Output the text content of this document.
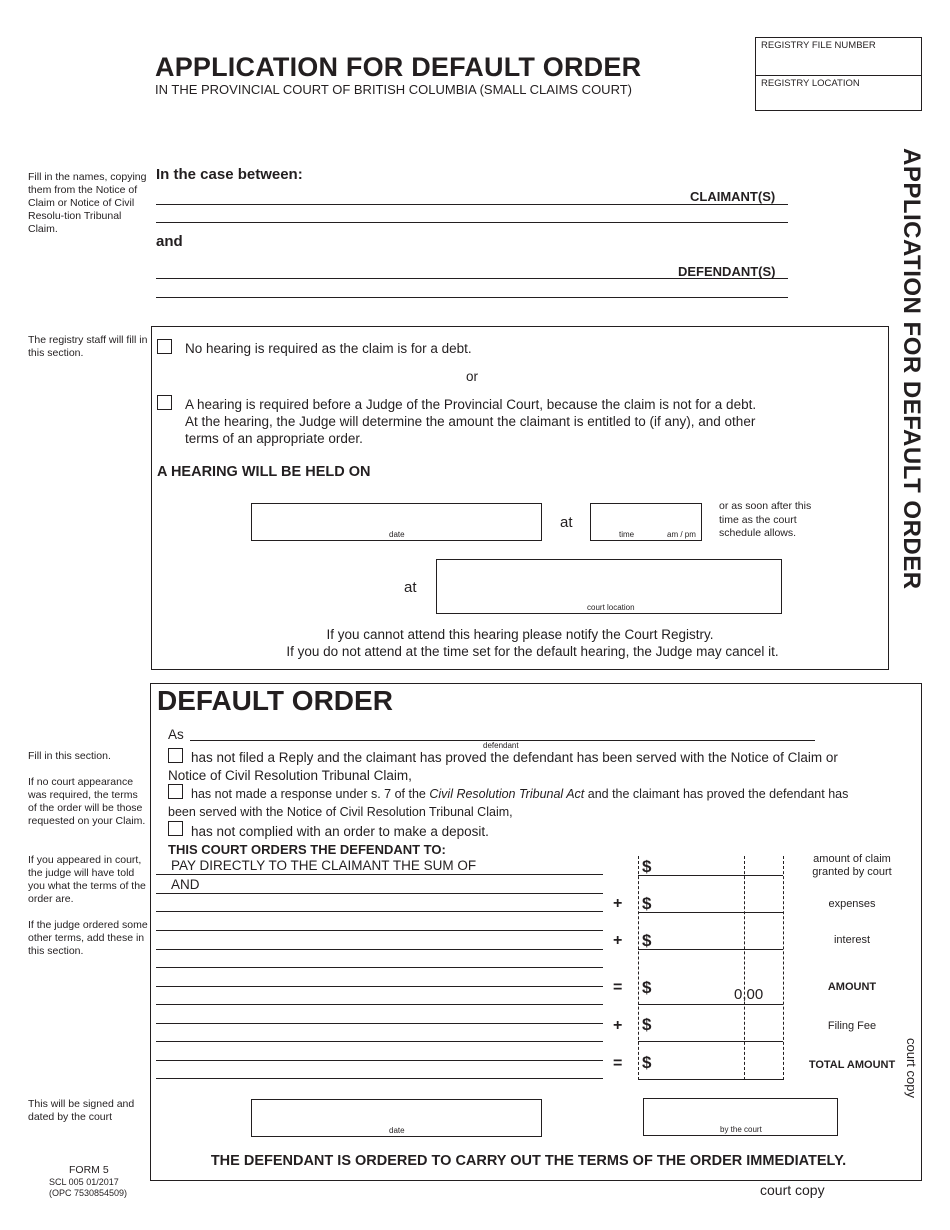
APPLICATION FOR DEFAULT ORDER
IN THE PROVINCIAL COURT OF BRITISH COLUMBIA (SMALL CLAIMS COURT)
REGISTRY FILE NUMBER
REGISTRY LOCATION
APPLICATION FOR DEFAULT ORDER
Fill in the names, copying them from the Notice of Claim or Notice of Civil Resolu-tion Tribunal Claim.
The registry staff will fill in this section.
Fill in this section.
If no court appearance was required, the terms of the order will be those requested on your Claim.
If you appeared in court, the judge will have told you what the terms of the order are.
If the judge ordered some other terms, add these in this section.
This will be signed and dated by the court
In the case between:
CLAIMANT(S)
and
DEFENDANT(S)
No hearing is required as the claim is for a debt.
or
A hearing is required before a Judge of the Provincial Court, because the claim is not for a debt.
At the hearing, the Judge will determine the amount the claimant is entitled to (if any), and other
terms of an appropriate order.
A HEARING WILL BE HELD ON
date
at
time	am / pm
or as soon after this time as the court schedule allows.
at
court location
If you cannot attend this hearing please notify the Court Registry.
If you do not attend at the time set for the default hearing, the Judge may cancel it.
DEFAULT ORDER
As
defendant
has not filed a Reply and the claimant has proved the defendant has been served with the Notice of Claim or
Notice of Civil Resolution Tribunal Claim,
has not made a response under s. 7 of the Civil Resolution Tribunal Act and the claimant has proved the defendant has
been served with the Notice of Civil Resolution Tribunal Claim,
has not complied with an order to make a deposit.
THIS COURT ORDERS THE DEFENDANT TO:
PAY DIRECTLY TO THE CLAIMANT THE SUM OF
AND
$	amount of claim granted by court
+ $	expenses
+ $	interest
= $	0,00	AMOUNT
+ $	Filing Fee
= $	TOTAL AMOUNT court copy
date	by the court
THE DEFENDANT IS ORDERED TO CARRY OUT THE TERMS OF THE ORDER IMMEDIATELY.
FORM 5
SCL 005 01/2017
(OPC 7530854509)	court copy
